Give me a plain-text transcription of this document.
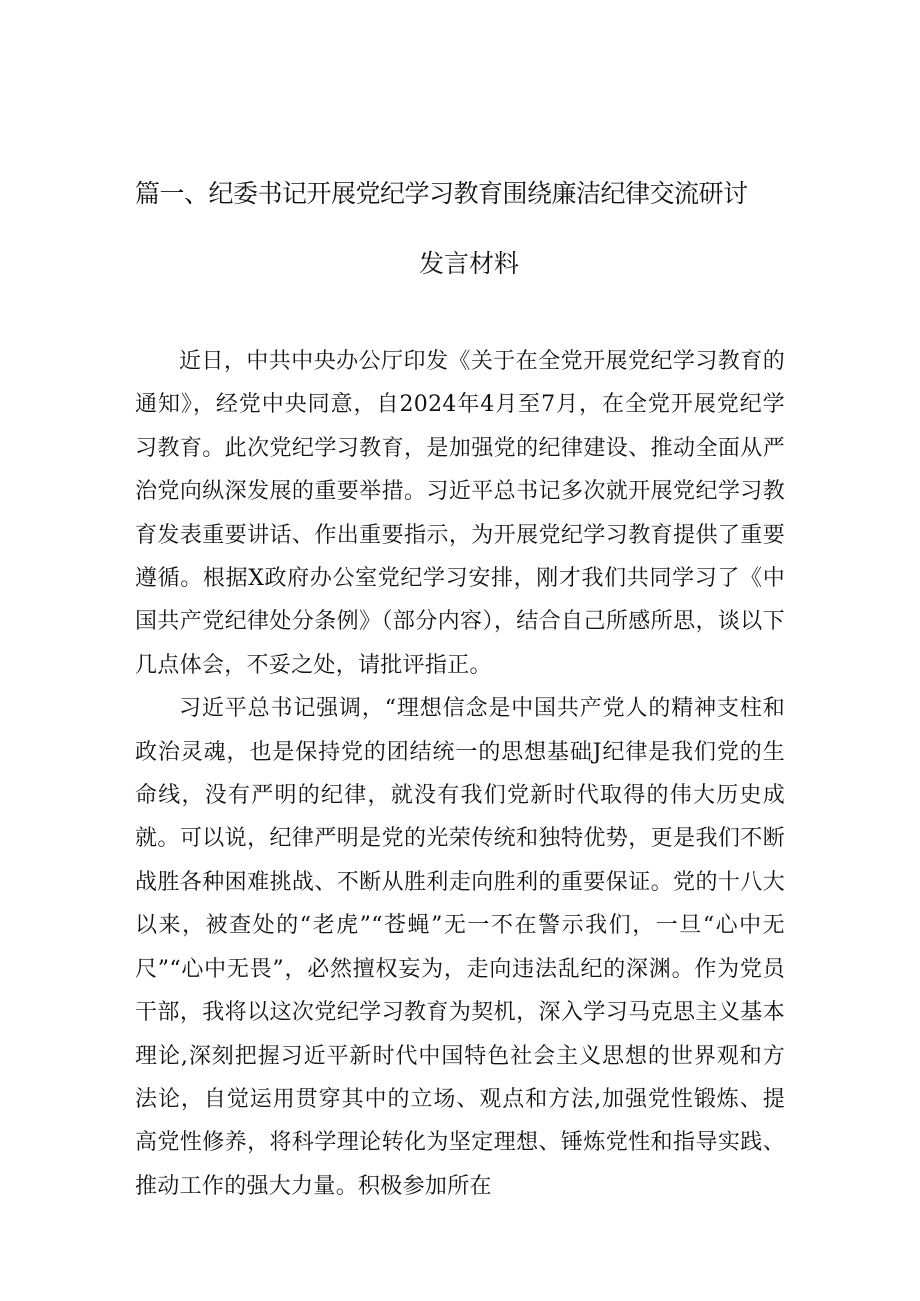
篇一、纪委书记开展党纪学习教育围绕廉洁纪律交流研讨
发言材料

近日，中共中央办公厅印发《关于在全党开展党纪学习教育的通知》，经党中央同意，自2024年4月至7月，在全党开展党纪学习教育。此次党纪学习教育，是加强党的纪律建设、推动全面从严治党向纵深发展的重要举措。习近平总书记多次就开展党纪学习教育发表重要讲话、作出重要指示，为开展党纪学习教育提供了重要遵循。根据X政府办公室党纪学习安排，刚才我们共同学习了《中国共产党纪律处分条例》（部分内容），结合自己所感所思，谈以下几点体会，不妥之处，请批评指正。

习近平总书记强调，“理想信念是中国共产党人的精神支柱和政治灵魂，也是保持党的团结统一的思想基础J纪律是我们党的生命线，没有严明的纪律，就没有我们党新时代取得的伟大历史成就。可以说，纪律严明是党的光荣传统和独特优势，更是我们不断战胜各种困难挑战、不断从胜利走向胜利的重要保证。党的十八大以来，被查处的“老虎”“苍蝇”无一不在警示我们，一旦“心中无尺”“心中无畏”，必然擅权妄为，走向违法乱纪的深渊。作为党员干部，我将以这次党纪学习教育为契机，深入学习马克思主义基本理论,深刻把握习近平新时代中国特色社会主义思想的世界观和方法论，自觉运用贯穿其中的立场、观点和方法,加强党性锻炼、提高党性修养，将科学理论转化为坚定理想、锤炼党性和指导实践、推动工作的强大力量。积极参加所在
